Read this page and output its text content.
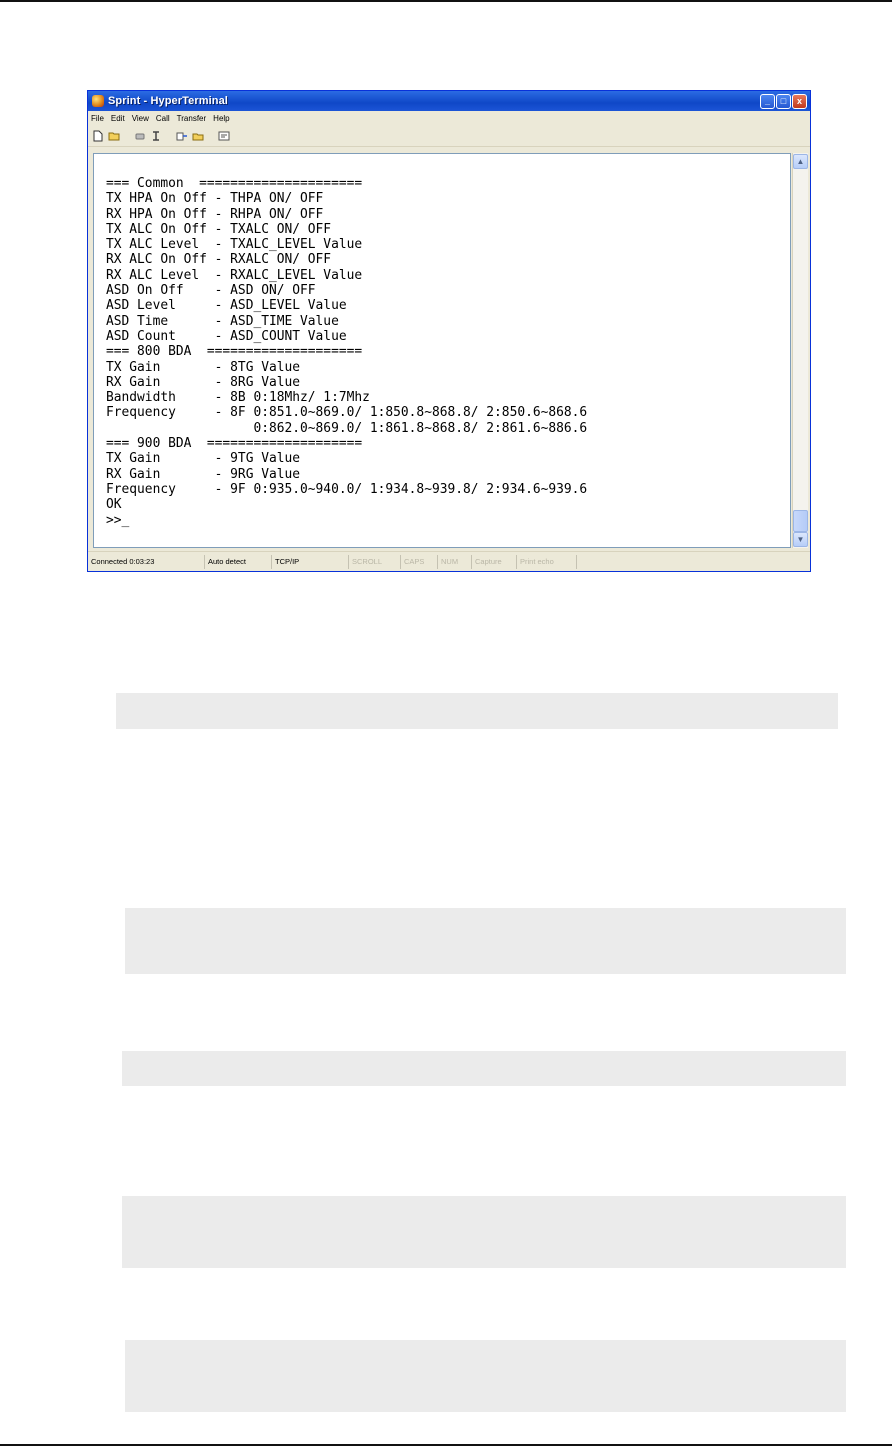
Sprint - HyperTerminal	_	□	x
File Edit View Call Transfer Help
=== Common  =====================
TX HPA On Off - THPA ON/ OFF
RX HPA On Off - RHPA ON/ OFF
TX ALC On Off - TXALC ON/ OFF
TX ALC Level  - TXALC_LEVEL Value
RX ALC On Off - RXALC ON/ OFF
RX ALC Level  - RXALC_LEVEL Value
ASD On Off    - ASD ON/ OFF
ASD Level     - ASD_LEVEL Value
ASD Time      - ASD_TIME Value
ASD Count     - ASD_COUNT Value
=== 800 BDA  ====================
TX Gain       - 8TG Value
RX Gain       - 8RG Value
Bandwidth     - 8B 0:18Mhz/ 1:7Mhz
Frequency     - 8F 0:851.0~869.0/ 1:850.8~868.8/ 2:850.6~868.6
0:862.0~869.0/ 1:861.8~868.8/ 2:861.6~886.6
=== 900 BDA  ====================
TX Gain       - 9TG Value
RX Gain       - 9RG Value
Frequency     - 9F 0:935.0~940.0/ 1:934.8~939.8/ 2:934.6~939.6
OK
>>_
▲
▼
Connected 0:03:23	Auto detect	TCP/IP	SCROLL	CAPS	NUM	Capture	Print echo
